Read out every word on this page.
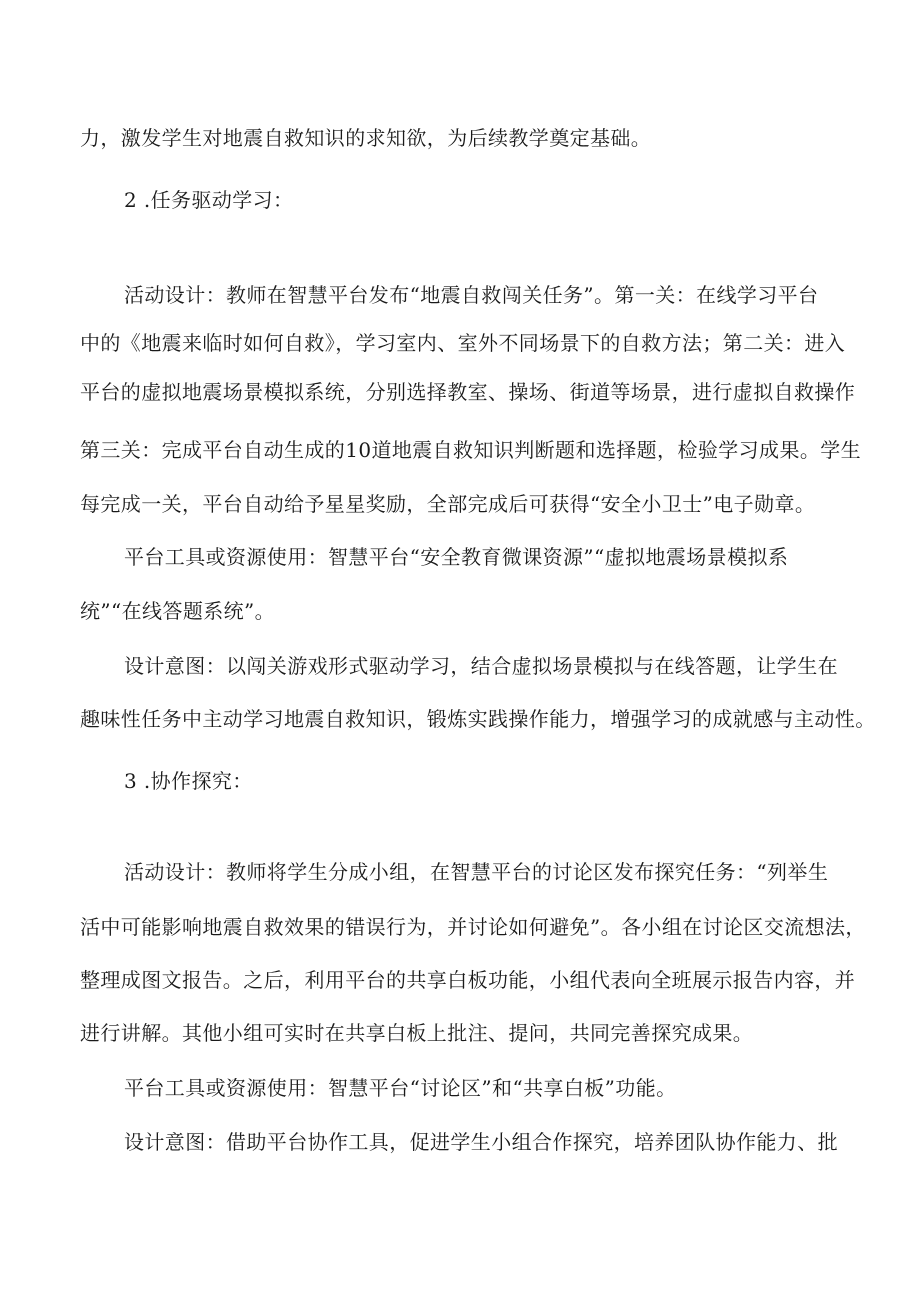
力，激发学生对地震自救知识的求知欲，为后续教学奠定基础。
2 .任务驱动学习：
活动设计：教师在智慧平台发布“地震自救闯关任务”。第一关：在线学习平台
中的《地震来临时如何自救》，学习室内、室外不同场景下的自救方法；第二关：进入
平台的虚拟地震场景模拟系统，分别选择教室、操场、街道等场景，进行虚拟自救操作
第三关：完成平台自动生成的10道地震自救知识判断题和选择题，检验学习成果。学生
每完成一关，平台自动给予星星奖励，全部完成后可获得“安全小卫士”电子勋章。
平台工具或资源使用：智慧平台“安全教育微课资源”“虚拟地震场景模拟系
统”“在线答题系统”。
设计意图：以闯关游戏形式驱动学习，结合虚拟场景模拟与在线答题，让学生在
趣味性任务中主动学习地震自救知识，锻炼实践操作能力，增强学习的成就感与主动性。
3 .协作探究：
活动设计：教师将学生分成小组，在智慧平台的讨论区发布探究任务：“列举生
活中可能影响地震自救效果的错误行为，并讨论如何避免”。各小组在讨论区交流想法，
整理成图文报告。之后，利用平台的共享白板功能，小组代表向全班展示报告内容，并
进行讲解。其他小组可实时在共享白板上批注、提问，共同完善探究成果。
平台工具或资源使用：智慧平台“讨论区”和“共享白板”功能。
设计意图：借助平台协作工具，促进学生小组合作探究，培养团队协作能力、批
